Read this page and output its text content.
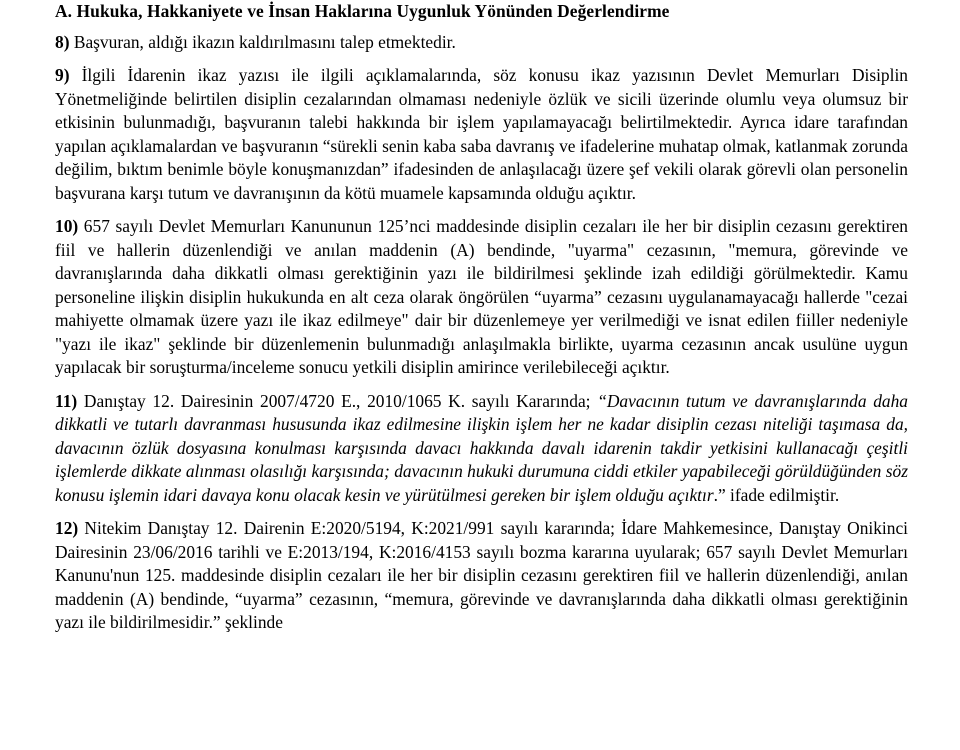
A. Hukuka, Hakkaniyete ve İnsan Haklarına Uygunluk Yönünden Değerlendirme

8) Başvuran, aldığı ikazın kaldırılmasını talep etmektedir.

9) İlgili İdarenin ikaz yazısı ile ilgili açıklamalarında, söz konusu ikaz yazısının Devlet Memurları Disiplin Yönetmeliğinde belirtilen disiplin cezalarından olmaması nedeniyle özlük ve sicili üzerinde olumlu veya olumsuz bir etkisinin bulunmadığı, başvuranın talebi hakkında bir işlem yapılamayacağı belirtilmektedir. Ayrıca idare tarafından yapılan açıklamalardan ve başvuranın “sürekli senin kaba saba davranış ve ifadelerine muhatap olmak, katlanmak zorunda değilim, bıktım benimle böyle konuşmanızdan” ifadesinden de anlaşılacağı üzere şef vekili olarak görevli olan personelin başvurana karşı tutum ve davranışının da kötü muamele kapsamında olduğu açıktır.

10) 657 sayılı Devlet Memurları Kanununun 125’nci maddesinde disiplin cezaları ile her bir disiplin cezasını gerektiren fiil ve hallerin düzenlendiği ve anılan maddenin (A) bendinde, "uyarma" cezasının, "memura, görevinde ve davranışlarında daha dikkatli olması gerektiğinin yazı ile bildirilmesi şeklinde izah edildiği görülmektedir. Kamu personeline ilişkin disiplin hukukunda en alt ceza olarak öngörülen “uyarma” cezasını uygulanamayacağı hallerde "cezai mahiyette olmamak üzere yazı ile ikaz edilmeye" dair bir düzenlemeye yer verilmediği ve isnat edilen fiiller nedeniyle "yazı ile ikaz" şeklinde bir düzenlemenin bulunmadığı anlaşılmakla birlikte, uyarma cezasının ancak usulüne uygun yapılacak bir soruşturma/inceleme sonucu yetkili disiplin amirince verilebileceği açıktır.

11) Danıştay 12. Dairesinin 2007/4720 E., 2010/1065 K. sayılı Kararında; “Davacının tutum ve davranışlarında daha dikkatli ve tutarlı davranması hususunda ikaz edilmesine ilişkin işlem her ne kadar disiplin cezası niteliği taşımasa da, davacının özlük dosyasına konulması karşısında davacı hakkında davalı idarenin takdir yetkisini kullanacağı çeşitli işlemlerde dikkate alınması olasılığı karşısında; davacının hukuki durumuna ciddi etkiler yapabileceği görüldüğünden söz konusu işlemin idari davaya konu olacak kesin ve yürütülmesi gereken bir işlem olduğu açıktır.” ifade edilmiştir.

12) Nitekim Danıştay 12. Dairenin E:2020/5194, K:2021/991 sayılı kararında; İdare Mahkemesince, Danıştay Onikinci Dairesinin 23/06/2016 tarihli ve E:2013/194, K:2016/4153 sayılı bozma kararına uyularak; 657 sayılı Devlet Memurları Kanunu'nun 125. maddesinde disiplin cezaları ile her bir disiplin cezasını gerektiren fiil ve hallerin düzenlendiği, anılan maddenin (A) bendinde, “uyarma” cezasının, “memura, görevinde ve davranışlarında daha dikkatli olması gerektiğinin yazı ile bildirilmesidir.” şeklinde
